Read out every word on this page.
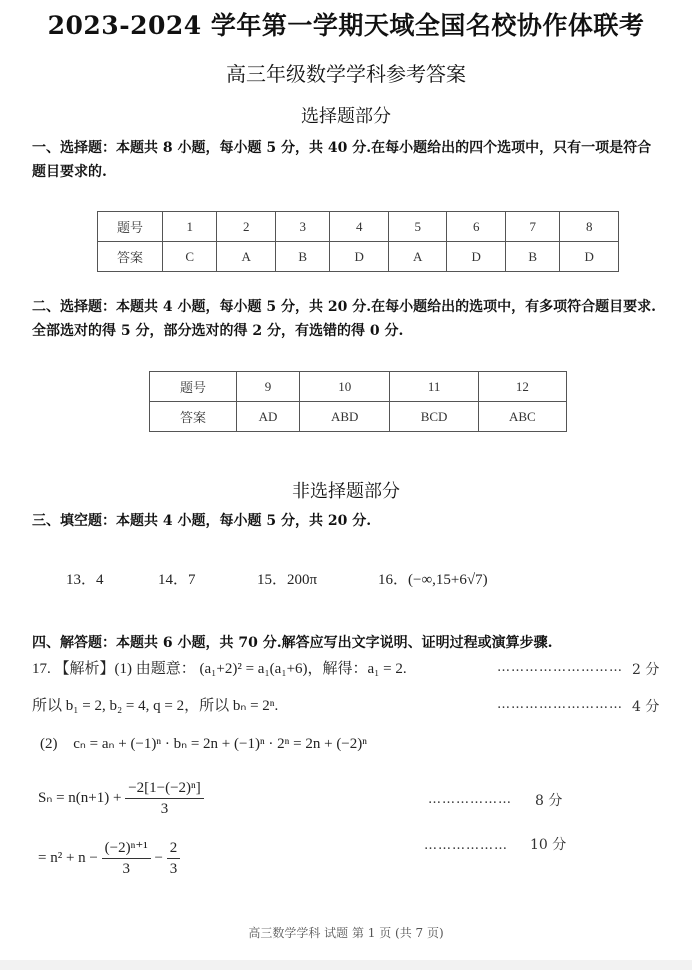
2023-2024 学年第一学期天域全国名校协作体联考
高三年级数学学科参考答案
选择题部分
一、选择题：本题共 8 小题，每小题 5 分，共 40 分.在每小题给出的四个选项中，只有一项是符合题目要求的.
题号	1	2	3	4	5	6	7	8
答案	C	A	B	D	A	D	B	D
二、选择题：本题共 4 小题，每小题 5 分，共 20 分.在每小题给出的选项中，有多项符合题目要求.全部选对的得 5 分，部分选对的得 2 分，有选错的得 0 分.
题号	9	10	11	12
答案	AD	ABD	BCD	ABC
非选择题部分
三、填空题：本题共 4 小题，每小题 5 分，共 20 分.
13．4	14．7	15．200π	16．(−∞,15+6√7)
四、解答题：本题共 6 小题，共 70 分.解答应写出文字说明、证明过程或演算步骤.
17. 【解析】(1) 由题意： (a₁+2)² = a₁(a₁+6)，解得：a₁ = 2.	……………………… 2 分
所以 b₁ = 2, b₂ = 4, q = 2，所以 bₙ = 2ⁿ.	……………………… 4 分
(2) cₙ = aₙ + (−1)ⁿ · bₙ = 2n + (−1)ⁿ · 2ⁿ = 2n + (−2)ⁿ
$S_n = n(n+1) + \frac{\text{−2[1−(−2)ⁿ]}}{3}$	……………… 8 分
= $n^2 + n - \frac{\text{(−2)ⁿ⁺¹}}{3} - \frac{2}{3}$	……………… 10 分
高三数学学科 试题 第 1 页 (共 7 页)
